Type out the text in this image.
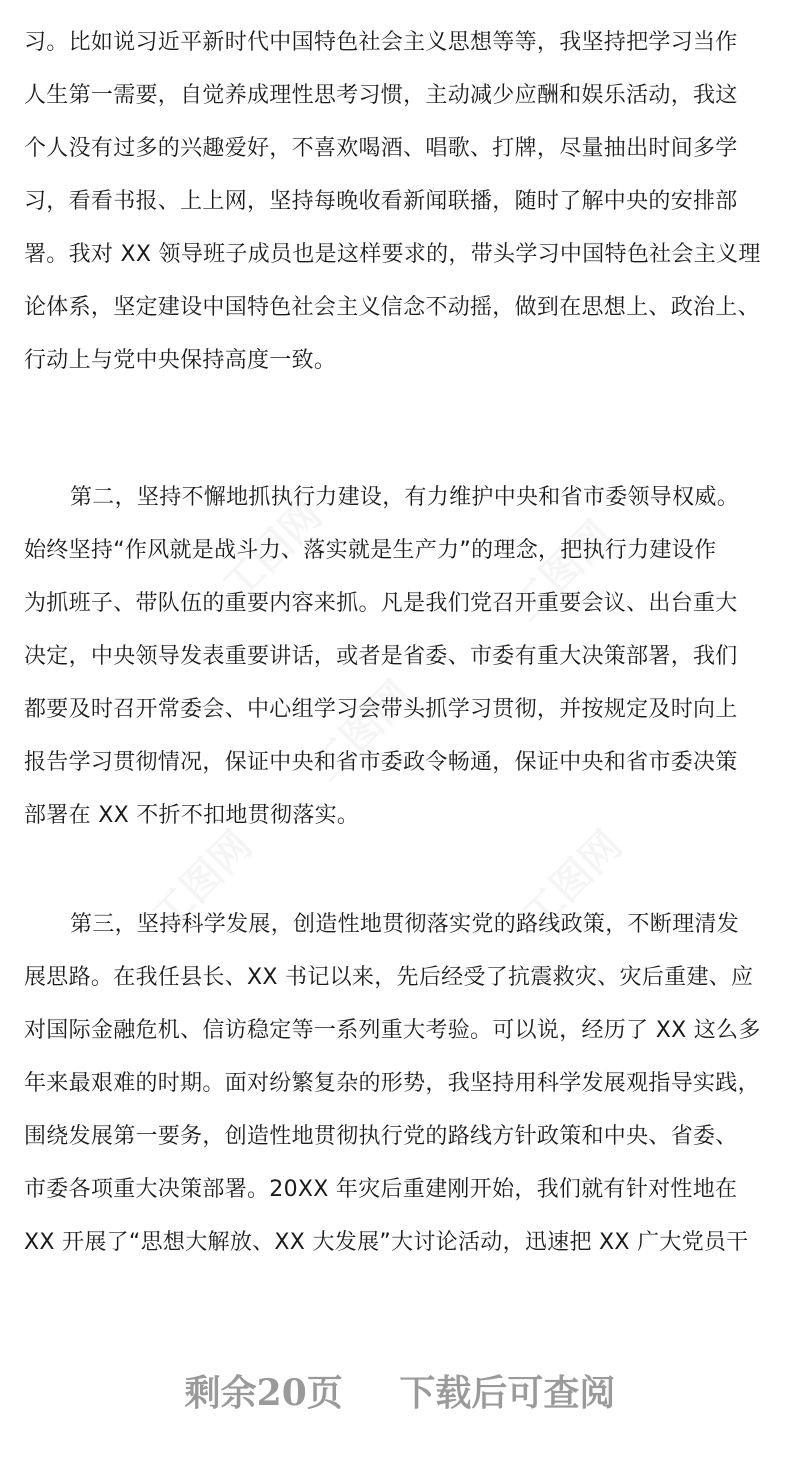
工图网	工图网
工图网
工图网	工图网
习。比如说习近平新时代中国特色社会主义思想等等，我坚持把学习当作
人生第一需要，自觉养成理性思考习惯，主动减少应酬和娱乐活动，我这
个人没有过多的兴趣爱好，不喜欢喝酒、唱歌、打牌，尽量抽出时间多学
习，看看书报、上上网，坚持每晚收看新闻联播，随时了解中央的安排部
署。我对 XX 领导班子成员也是这样要求的，带头学习中国特色社会主义理
论体系，坚定建设中国特色社会主义信念不动摇，做到在思想上、政治上、
行动上与党中央保持高度一致。
第二，坚持不懈地抓执行力建设，有力维护中央和省市委领导权威。
始终坚持“作风就是战斗力、落实就是生产力”的理念，把执行力建设作
为抓班子、带队伍的重要内容来抓。凡是我们党召开重要会议、出台重大
决定，中央领导发表重要讲话，或者是省委、市委有重大决策部署，我们
都要及时召开常委会、中心组学习会带头抓学习贯彻，并按规定及时向上
报告学习贯彻情况，保证中央和省市委政令畅通，保证中央和省市委决策
部署在 XX 不折不扣地贯彻落实。
第三，坚持科学发展，创造性地贯彻落实党的路线政策，不断理清发
展思路。在我任县长、XX 书记以来，先后经受了抗震救灾、灾后重建、应
对国际金融危机、信访稳定等一系列重大考验。可以说，经历了 XX 这么多
年来最艰难的时期。面对纷繁复杂的形势，我坚持用科学发展观指导实践，
围绕发展第一要务，创造性地贯彻执行党的路线方针政策和中央、省委、
市委各项重大决策部署。20XX 年灾后重建刚开始，我们就有针对性地在
XX 开展了“思想大解放、XX 大发展”大讨论活动，迅速把 XX 广大党员干
剩余20页 下载后可查阅
